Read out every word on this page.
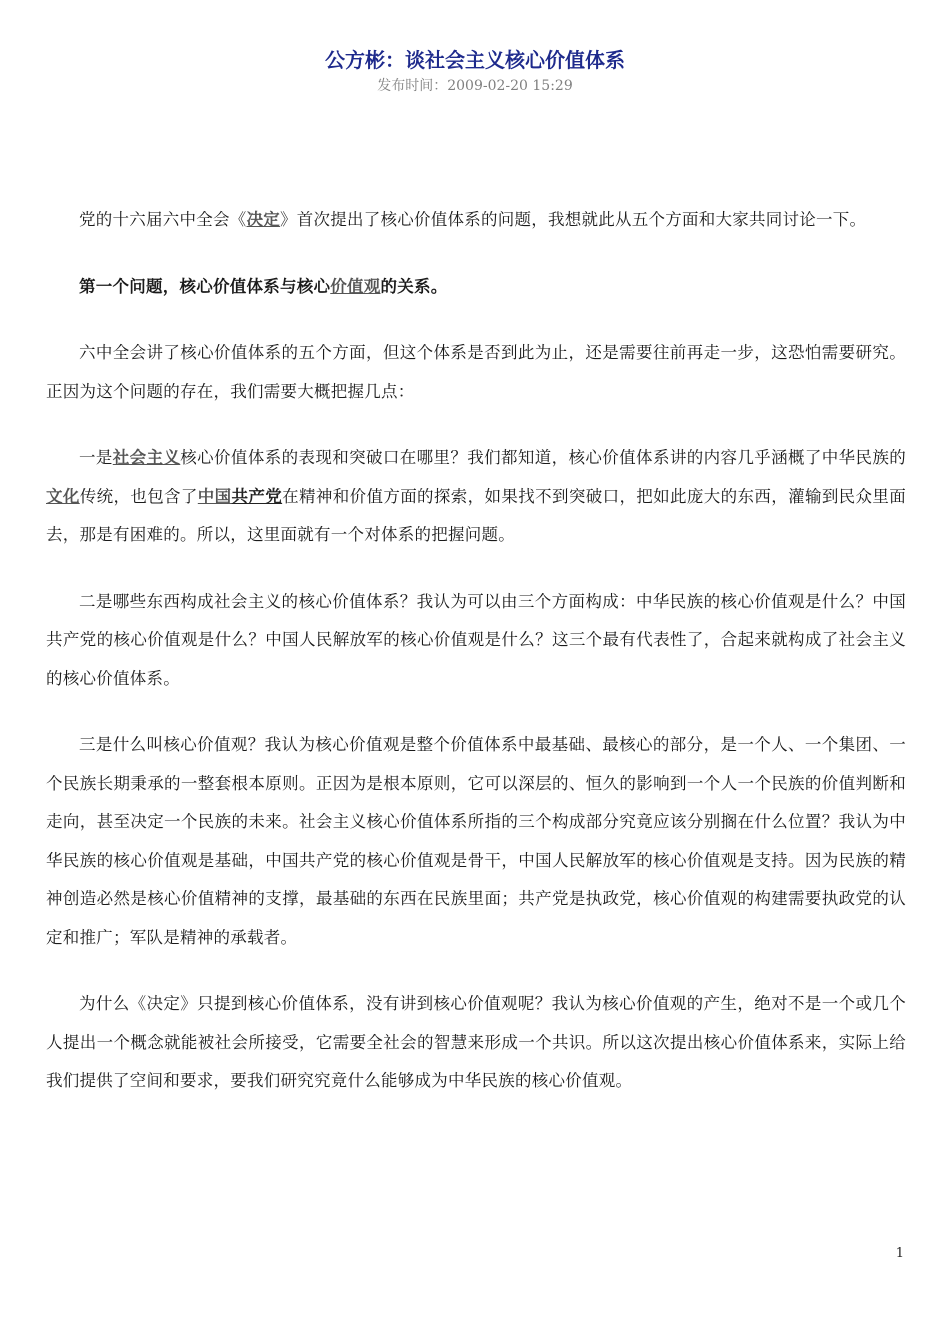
公方彬：谈社会主义核心价值体系
发布时间：2009-02-20 15:29

党的十六届六中全会《决定》首次提出了核心价值体系的问题，我想就此从五个方面和大家共同讨论一下。

第一个问题，核心价值体系与核心价值观的关系。

六中全会讲了核心价值体系的五个方面，但这个体系是否到此为止，还是需要往前再走一步，这恐怕需要研究。正因为这个问题的存在，我们需要大概把握几点：

一是社会主义核心价值体系的表现和突破口在哪里？我们都知道，核心价值体系讲的内容几乎涵概了中华民族的文化传统，也包含了中国共产党在精神和价值方面的探索，如果找不到突破口，把如此庞大的东西，灌输到民众里面去，那是有困难的。所以，这里面就有一个对体系的把握问题。

二是哪些东西构成社会主义的核心价值体系？我认为可以由三个方面构成：中华民族的核心价值观是什么？中国共产党的核心价值观是什么？中国人民解放军的核心价值观是什么？这三个最有代表性了，合起来就构成了社会主义的核心价值体系。

三是什么叫核心价值观？我认为核心价值观是整个价值体系中最基础、最核心的部分，是一个人、一个集团、一个民族长期秉承的一整套根本原则。正因为是根本原则，它可以深层的、恒久的影响到一个人一个民族的价值判断和走向，甚至决定一个民族的未来。社会主义核心价值体系所指的三个构成部分究竟应该分别搁在什么位置？我认为中华民族的核心价值观是基础，中国共产党的核心价值观是骨干，中国人民解放军的核心价值观是支持。因为民族的精神创造必然是核心价值精神的支撑，最基础的东西在民族里面；共产党是执政党，核心价值观的构建需要执政党的认定和推广；军队是精神的承载者。

为什么《决定》只提到核心价值体系，没有讲到核心价值观呢？我认为核心价值观的产生，绝对不是一个或几个人提出一个概念就能被社会所接受，它需要全社会的智慧来形成一个共识。所以这次提出核心价值体系来，实际上给我们提供了空间和要求，要我们研究究竟什么能够成为中华民族的核心价值观。

1
